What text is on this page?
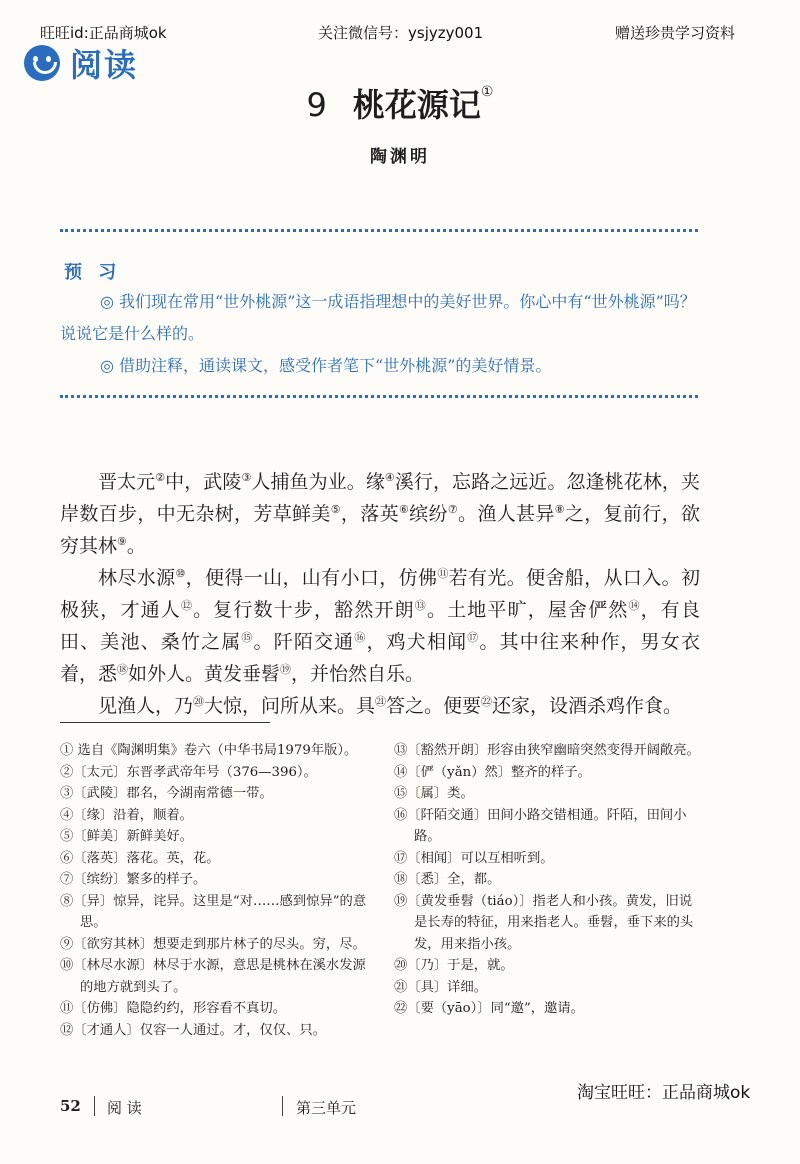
旺旺id:正品商城ok	关注微信号：ysjyzy001	赠送珍贵学习资料
阅读
9 桃花源记①
陶渊明
预 习
◎ 我们现在常用“世外桃源”这一成语指理想中的美好世界。你心中有“世外桃源”吗？说说它是什么样的。
◎ 借助注释，通读课文，感受作者笔下“世外桃源”的美好情景。

晋太元②中，武陵③人捕鱼为业。缘④溪行，忘路之远近。忽逢桃花林，夹岸数百步，中无杂树，芳草鲜美⑤，落英⑥缤纷⑦。渔人甚异⑧之，复前行，欲穷其林⑨。

林尽水源⑩，便得一山，山有小口，仿佛⑪若有光。便舍船，从口入。初极狭，才通人⑫。复行数十步，豁然开朗⑬。土地平旷，屋舍俨然⑭，有良田、美池、桑竹之属⑮。阡陌交通⑯，鸡犬相闻⑰。其中往来种作，男女衣着，悉⑱如外人。黄发垂髫⑲，并怡然自乐。

见渔人，乃⑳大惊，问所从来。具$^㉑$答之。便要$^㉒$还家，设酒杀鸡作食。

① 选自《陶渊明集》卷六（中华书局1979年版）。
②〔太元〕东晋孝武帝年号（376—396）。
③〔武陵〕郡名，今湖南常德一带。
④〔缘〕沿着，顺着。
⑤〔鲜美〕新鲜美好。
⑥〔落英〕落花。英，花。
⑦〔缤纷〕繁多的样子。
⑧〔异〕惊异，诧异。这里是“对……感到惊异”的意思。
⑨〔欲穷其林〕想要走到那片林子的尽头。穷，尽。
⑩〔林尽水源〕林尽于水源，意思是桃林在溪水发源的地方就到头了。
⑪〔仿佛〕隐隐约约，形容看不真切。
⑫〔才通人〕仅容一人通过。才，仅仅、只。
⑬〔豁然开朗〕形容由狭窄幽暗突然变得开阔敞亮。
⑭〔俨（yǎn）然〕整齐的样子。
⑮〔属〕类。
⑯〔阡陌交通〕田间小路交错相通。阡陌，田间小路。
⑰〔相闻〕可以互相听到。
⑱〔悉〕全，都。
⑲〔黄发垂髫（tiáo）〕指老人和小孩。黄发，旧说是长寿的特征，用来指老人。垂髫，垂下来的头发，用来指小孩。
⑳〔乃〕于是，就。
㉑〔具〕详细。
㉒〔要（yāo）〕同“邀”，邀请。
52 阅 读	第三单元
淘宝旺旺：正品商城ok
